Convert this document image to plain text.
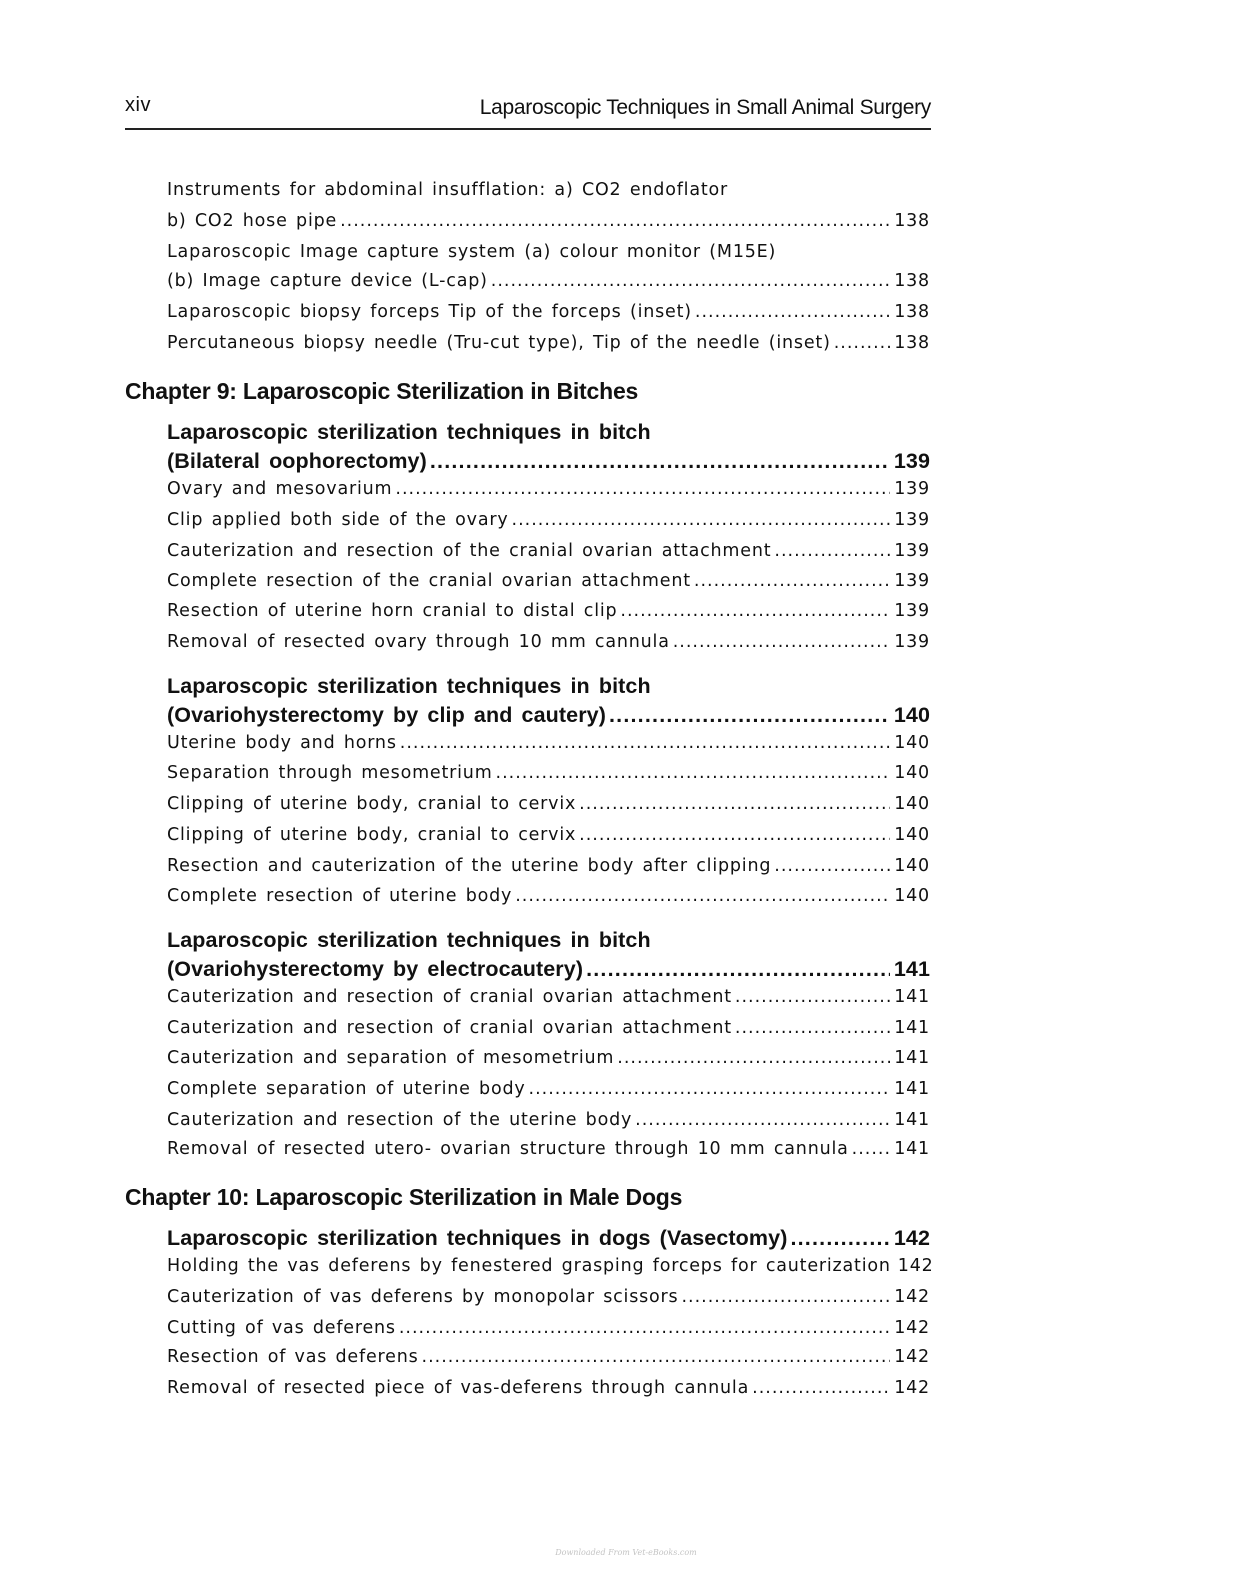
xiv	Laparoscopic Techniques in Small Animal Surgery
Instruments for abdominal insufflation: a) CO2 endoflator
b) CO2 hose pipe .....	138
Laparoscopic Image capture system (a) colour monitor (M15E)
(b) Image capture device (L-cap) .....	138
Laparoscopic biopsy forceps Tip of the forceps (inset) .....	138
Percutaneous biopsy needle (Tru-cut type), Tip of the needle (inset) .....	138
Chapter 9: Laparoscopic Sterilization in Bitches
Laparoscopic sterilization techniques in bitch
(Bilateral oophorectomy) .....	139
Ovary and mesovarium .....	139
Clip applied both side of the ovary .....	139
Cauterization and resection of the cranial ovarian attachment .....	139
Complete resection of the cranial ovarian attachment .....	139
Resection of uterine horn cranial to distal clip .....	139
Removal of resected ovary through 10 mm cannula .....	139
Laparoscopic sterilization techniques in bitch
(Ovariohysterectomy by clip and cautery) .....	140
Uterine body and horns .....	140
Separation through mesometrium .....	140
Clipping of uterine body, cranial to cervix .....	140
Clipping of uterine body, cranial to cervix .....	140
Resection and cauterization of the uterine body after clipping .....	140
Complete resection of uterine body .....	140
Laparoscopic sterilization techniques in bitch
(Ovariohysterectomy by electrocautery) .....	141
Cauterization and resection of cranial ovarian attachment .....	141
Cauterization and resection of cranial ovarian attachment .....	141
Cauterization and separation of mesometrium .....	141
Complete separation of uterine body .....	141
Cauterization and resection of the uterine body .....	141
Removal of resected utero- ovarian structure through 10 mm cannula .....	141
Chapter 10: Laparoscopic Sterilization in Male Dogs
Laparoscopic sterilization techniques in dogs (Vasectomy) .....	142
Holding the vas deferens by fenestered grasping forceps for cauterization 142
Cauterization of vas deferens by monopolar scissors .....	142
Cutting of vas deferens .....	142
Resection of vas deferens .....	142
Removal of resected piece of vas-deferens through cannula .....	142
Downloaded From Vet-eBooks.com
